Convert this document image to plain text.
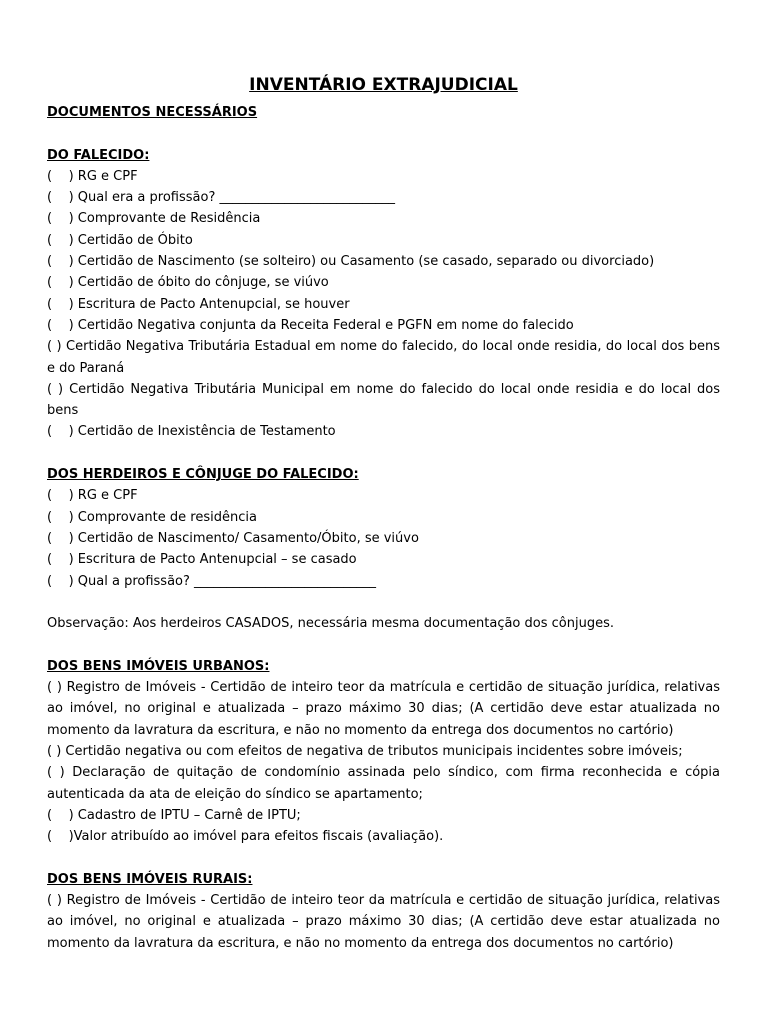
INVENTÁRIO EXTRAJUDICIAL

DOCUMENTOS NECESSÁRIOS

DO FALECIDO:

(    ) RG e CPF

(    ) Qual era a profissão? ___________________________

(    ) Comprovante de Residência

(    ) Certidão de Óbito

(    ) Certidão de Nascimento (se solteiro) ou Casamento (se casado, separado ou divorciado)

(    ) Certidão de óbito do cônjuge, se viúvo

(    ) Escritura de Pacto Antenupcial, se houver

(    ) Certidão Negativa conjunta da Receita Federal e PGFN em nome do falecido

( ) Certidão Negativa Tributária Estadual em nome do falecido, do local onde residia, do local dos bens e do Paraná

( ) Certidão Negativa Tributária Municipal em nome do falecido do local onde residia e do local dos bens

(    ) Certidão de Inexistência de Testamento

DOS HERDEIROS E CÔNJUGE DO FALECIDO:

(    ) RG e CPF

(    ) Comprovante de residência

(    ) Certidão de Nascimento/ Casamento/Óbito, se viúvo

(    ) Escritura de Pacto Antenupcial – se casado

(    ) Qual a profissão? ____________________________

Observação: Aos herdeiros CASADOS, necessária mesma documentação dos cônjuges.

DOS BENS IMÓVEIS URBANOS:

( ) Registro de Imóveis - Certidão de inteiro teor da matrícula e certidão de situação jurídica, relativas ao imóvel, no original e atualizada – prazo máximo 30 dias; (A certidão deve estar atualizada no momento da lavratura da escritura, e não no momento da entrega dos documentos no cartório)

( ) Certidão negativa ou com efeitos de negativa de tributos municipais incidentes sobre imóveis;

( ) Declaração de quitação de condomínio assinada pelo síndico, com firma reconhecida e cópia autenticada da ata de eleição do síndico se apartamento;

(    ) Cadastro de IPTU – Carnê de IPTU;

(    )Valor atribuído ao imóvel para efeitos fiscais (avaliação).

DOS BENS IMÓVEIS RURAIS:

( ) Registro de Imóveis - Certidão de inteiro teor da matrícula e certidão de situação jurídica, relativas ao imóvel, no original e atualizada – prazo máximo 30 dias; (A certidão deve estar atualizada no momento da lavratura da escritura, e não no momento da entrega dos documentos no cartório)
